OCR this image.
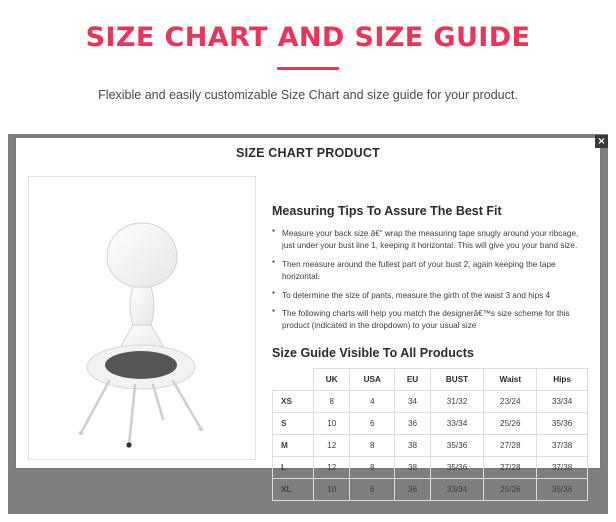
SIZE CHART AND SIZE GUIDE

Flexible and easily customizable Size Chart and size guide for your product.

SIZE CHART PRODUCT
×
Measuring Tips To Assure The Best Fit
● Measure your back size â€“ wrap the measuring tape snugly around your ribcage, just under your bust line 1, keeping it horizontal. This will give you your band size.
● Then measure around the fullest part of your bust 2, again keeping the tape horizontal.
● To determine the size of pants, measure the girth of the waist 3 and hips 4
● The following charts will help you match the designerâ€™s size scheme for this product (indicated in the dropdown) to your usual size
Size Guide Visible To All Products
	UK	USA	EU	BUST	Waist	Hips
XS	8	4	34	31/32	23/24	33/34
S	10	6	36	33/34	25/26	35/36
M	12	8	38	35/36	27/28	37/38
L	12	8	38	35/36	27/28	37/38
XL	10	6	36	33/34	25/26	35/36
